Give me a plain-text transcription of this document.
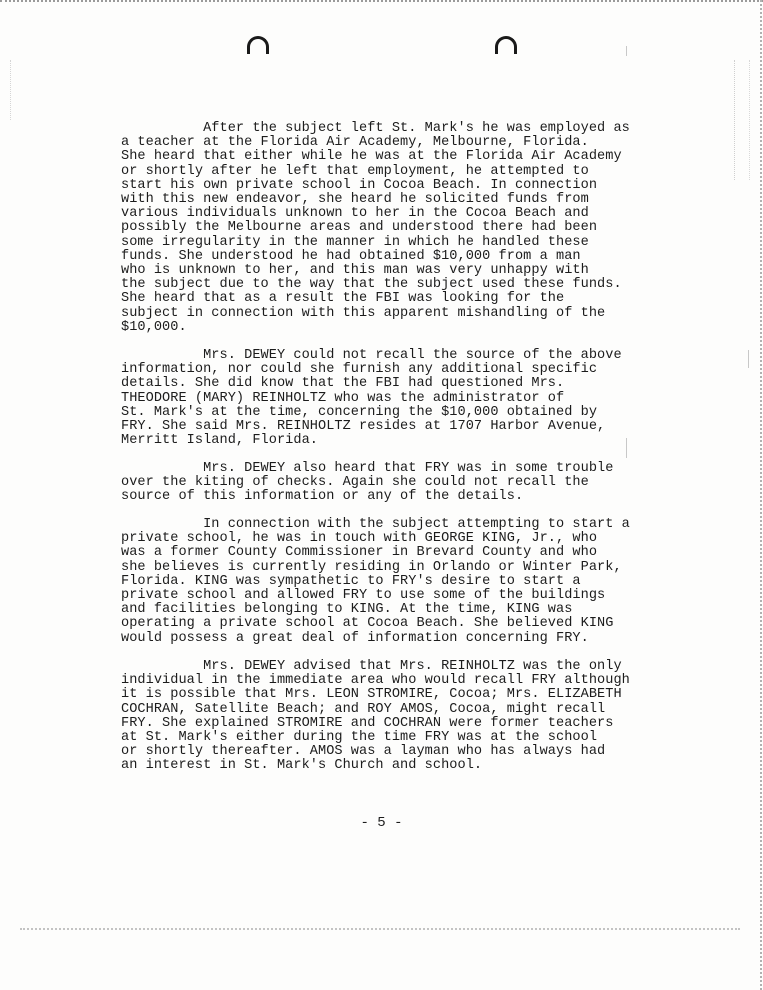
After the subject left St. Mark's he was employed as
a teacher at the Florida Air Academy, Melbourne, Florida.
She heard that either while he was at the Florida Air Academy
or shortly after he left that employment, he attempted to
start his own private school in Cocoa Beach. In connection
with this new endeavor, she heard he solicited funds from
various individuals unknown to her in the Cocoa Beach and
possibly the Melbourne areas and understood there had been
some irregularity in the manner in which he handled these
funds. She understood he had obtained $10,000 from a man
who is unknown to her, and this man was very unhappy with
the subject due to the way that the subject used these funds.
She heard that as a result the FBI was looking for the
subject in connection with this apparent mishandling of the
$10,000.

Mrs. DEWEY could not recall the source of the above
information, nor could she furnish any additional specific
details. She did know that the FBI had questioned Mrs.
THEODORE (MARY) REINHOLTZ who was the administrator of
St. Mark's at the time, concerning the $10,000 obtained by
FRY. She said Mrs. REINHOLTZ resides at 1707 Harbor Avenue,
Merritt Island, Florida.

Mrs. DEWEY also heard that FRY was in some trouble
over the kiting of checks. Again she could not recall the
source of this information or any of the details.

In connection with the subject attempting to start a
private school, he was in touch with GEORGE KING, Jr., who
was a former County Commissioner in Brevard County and who
she believes is currently residing in Orlando or Winter Park,
Florida. KING was sympathetic to FRY's desire to start a
private school and allowed FRY to use some of the buildings
and facilities belonging to KING. At the time, KING was
operating a private school at Cocoa Beach. She believed KING
would possess a great deal of information concerning FRY.

Mrs. DEWEY advised that Mrs. REINHOLTZ was the only
individual in the immediate area who would recall FRY although
it is possible that Mrs. LEON STROMIRE, Cocoa; Mrs. ELIZABETH
COCHRAN, Satellite Beach; and ROY AMOS, Cocoa, might recall
FRY. She explained STROMIRE and COCHRAN were former teachers
at St. Mark's either during the time FRY was at the school
or shortly thereafter. AMOS was a layman who has always had
an interest in St. Mark's Church and school.

- 5 -
